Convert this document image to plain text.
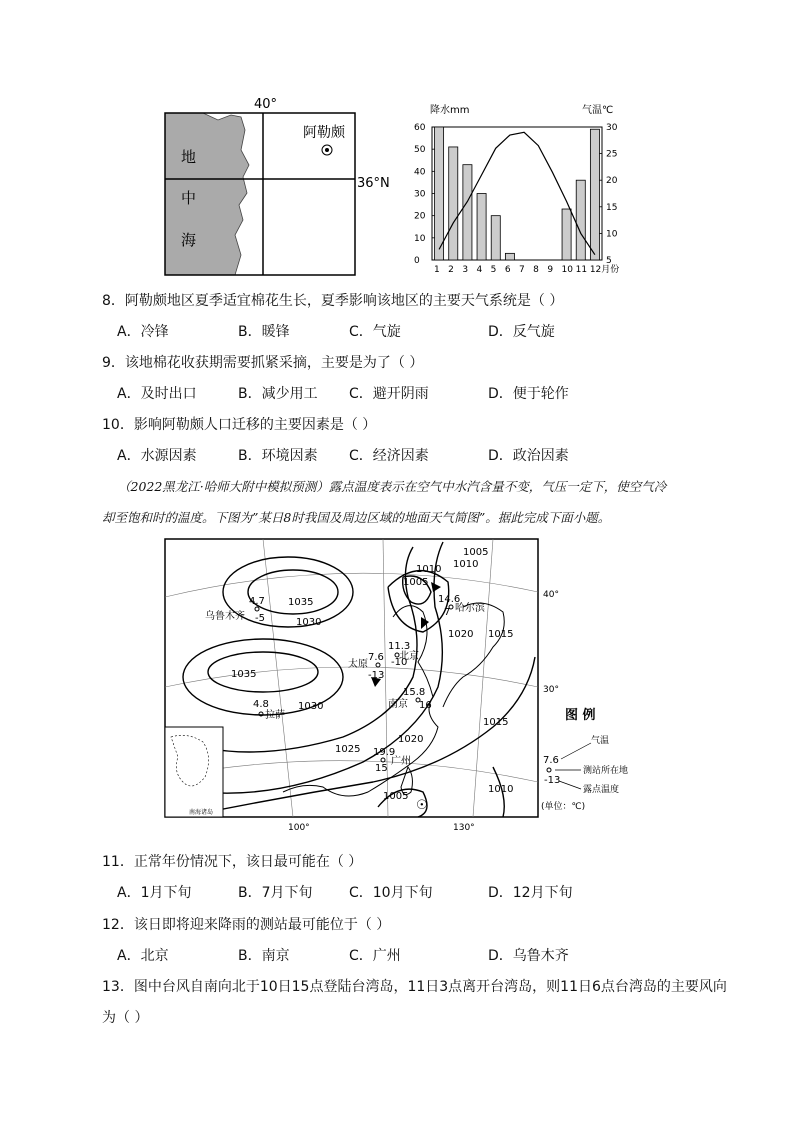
40°
36°N
阿勒颇
地
中
海
降水mm	气温℃
60
50
40
30
20
10
0
30
25
20
15
10
5
1 2 3 4 5 6 7 8 9 10 11 12月份
8．阿勒颇地区夏季适宜棉花生长，夏季影响该地区的主要天气系统是（ ）
A．冷锋	B．暖锋	C．气旋	D．反气旋
9．该地棉花收获期需要抓紧采摘，主要是为了（ ）
A．及时出口	B．减少用工 C．避开阴雨	D．便于轮作
10．影响阿勒颇人口迁移的主要因素是（ ）
A．水源因素	B．环境因素 C．经济因素	D．政治因素
（2022黑龙江·哈师大附中模拟预测）露点温度表示在空气中水汽含量不变，气压一定下，使空气冷
却至饱和时的温度。下图为”某日8时我国及周边区域的地面天气简图”。据此完成下面小题。
1035
1030
1035
1030
1025
1020
1015
1010
1005
1010
1005
1005
1010
1015
1020
4.7
乌鲁木齐 -5
14.6
哈尔滨
7
7.6
太原
-13
11.3
北京
-10
15.8
南京 16
4.8
拉萨
19.9
广州
15
☉
南海诸岛
40°
30°
100°	130°
图 例
气温
7.6
-13
测站所在地
露点温度
(单位：℃)
11．正常年份情况下，该日最可能在（ ）
A．1月下旬	B．7月下旬	C．10月下旬	D．12月下旬
12．该日即将迎来降雨的测站最可能位于（ ）
A．北京	B．南京	C．广州	D．乌鲁木齐
13．图中台风自南向北于10日15点登陆台湾岛，11日3点离开台湾岛，则11日6点台湾岛的主要风向
为（ ）
